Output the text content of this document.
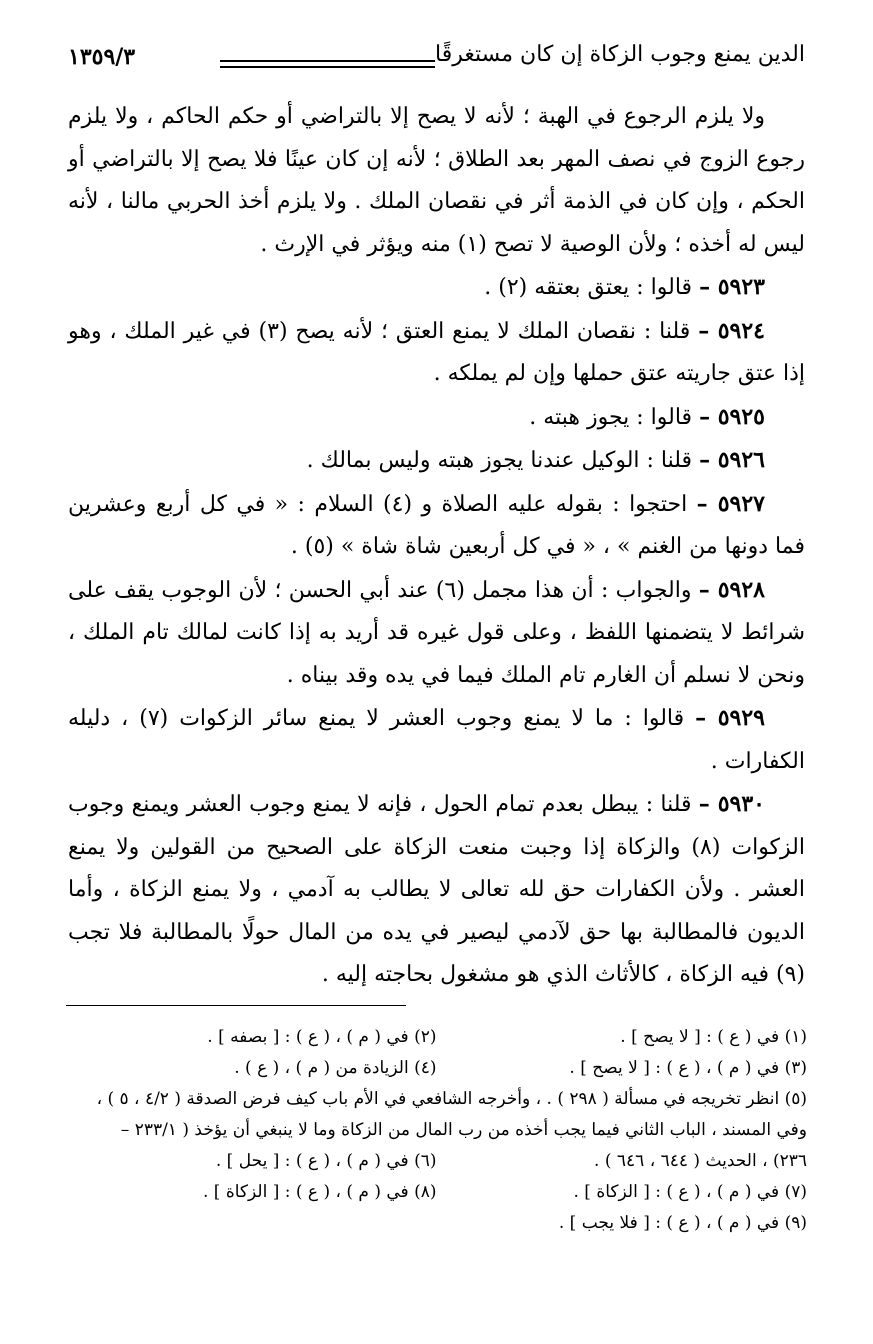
١٣٥٩/٣	الدين يمنع وجوب الزكاة إن كان مستغرقًا

ولا يلزم الرجوع في الهبة ؛ لأنه لا يصح إلا بالتراضي أو حكم الحاكم ، ولا يلزم رجوع الزوج في نصف المهر بعد الطلاق ؛ لأنه إن كان عينًا فلا يصح إلا بالتراضي أو الحكم ، وإن كان في الذمة أثر في نقصان الملك . ولا يلزم أخذ الحربي مالنا ، لأنه ليس له أخذه ؛ ولأن الوصية لا تصح (١) منه ويؤثر في الإرث .

٥٩٢٣ – قالوا : يعتق بعتقه (٢) .

٥٩٢٤ – قلنا : نقصان الملك لا يمنع العتق ؛ لأنه يصح (٣) في غير الملك ، وهو إذا عتق جاريته عتق حملها وإن لم يملكه .

٥٩٢٥ – قالوا : يجوز هبته .

٥٩٢٦ – قلنا : الوكيل عندنا يجوز هبته وليس بمالك .

٥٩٢٧ – احتجوا : بقوله عليه الصلاة و (٤) السلام : « في كل أربع وعشرين فما دونها من الغنم » ، « في كل أربعين شاة شاة » (٥) .

٥٩٢٨ – والجواب : أن هذا مجمل (٦) عند أبي الحسن ؛ لأن الوجوب يقف على شرائط لا يتضمنها اللفظ ، وعلى قول غيره قد أريد به إذا كانت لمالك تام الملك ، ونحن لا نسلم أن الغارم تام الملك فيما في يده وقد بيناه .

٥٩٢٩ – قالوا : ما لا يمنع وجوب العشر لا يمنع سائر الزكوات (٧) ، دليله الكفارات .

٥٩٣٠ – قلنا : يبطل بعدم تمام الحول ، فإنه لا يمنع وجوب العشر ويمنع وجوب الزكوات (٨) والزكاة إذا وجبت منعت الزكاة على الصحيح من القولين ولا يمنع العشر . ولأن الكفارات حق لله تعالى لا يطالب به آدمي ، ولا يمنع الزكاة ، وأما الديون فالمطالبة بها حق لآدمي ليصير في يده من المال حولًا بالمطالبة فلا تجب (٩) فيه الزكاة ، كالأثاث الذي هو مشغول بحاجته إليه .

(١) في ( ع ) : [ لا يصح ] .
(٢) في ( م ) ، ( ع ) : [ بصفه ] .
(٣) في ( م ) ، ( ع ) : [ لا يصح ] .
(٤) الزيادة من ( م ) ، ( ع ) .
(٥) انظر تخريجه في مسألة ( ٢٩٨ ) . ، وأخرجه الشافعي في الأم باب كيف فرض الصدقة ( ٤/٢ ، ٥ ) ،
وفي المسند ، الباب الثاني فيما يجب أخذه من رب المال من الزكاة وما لا ينبغي أن يؤخذ ( ٢٣٣/١ –
٢٣٦) ، الحديث ( ٦٤٤ ، ٦٤٦ ) .
(٦) في ( م ) ، ( ع ) : [ يحل ] .
(٧) في ( م ) ، ( ع ) : [ الزكاة ] .
(٨) في ( م ) ، ( ع ) : [ الزكاة ] .
(٩) في ( م ) ، ( ع ) : [ فلا يجب ] .
